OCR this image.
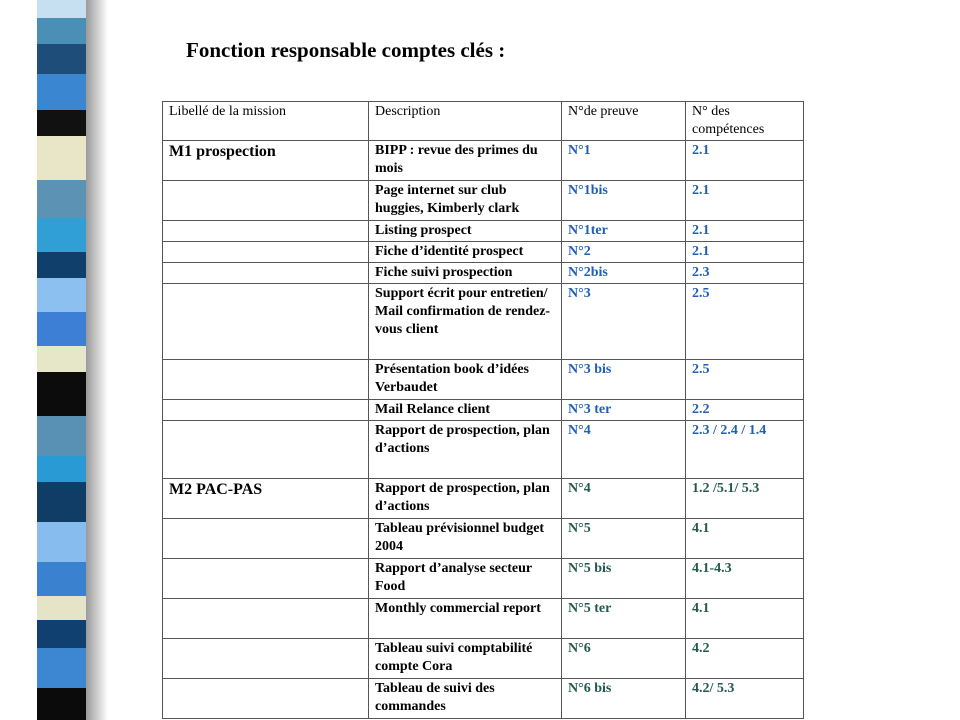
Fonction responsable comptes clés :
Libellé de la mission	Description	N°de preuve	N° des compétences
M1 prospection	BIPP : revue des primes du mois	N°1	2.1
	Page internet sur club huggies, Kimberly clark	N°1bis	2.1
	Listing prospect	N°1ter	2.1
	Fiche d’identité prospect	N°2	2.1
	Fiche suivi prospection	N°2bis	2.3
	Support écrit pour entretien/ Mail confirmation de rendez-vous client	N°3	2.5
	Présentation book d’idées Verbaudet	N°3 bis	2.5
	Mail Relance client	N°3 ter	2.2
	Rapport de prospection, plan d’actions	N°4	2.3 / 2.4 / 1.4
M2 PAC-PAS	Rapport de prospection, plan d’actions	N°4	1.2 /5.1/ 5.3
	Tableau prévisionnel budget 2004	N°5	4.1
	Rapport d’analyse secteur Food	N°5 bis	4.1-4.3
	Monthly commercial report	N°5 ter	4.1
	Tableau suivi comptabilité compte Cora	N°6	4.2
	Tableau de suivi des commandes	N°6 bis	4.2/ 5.3
